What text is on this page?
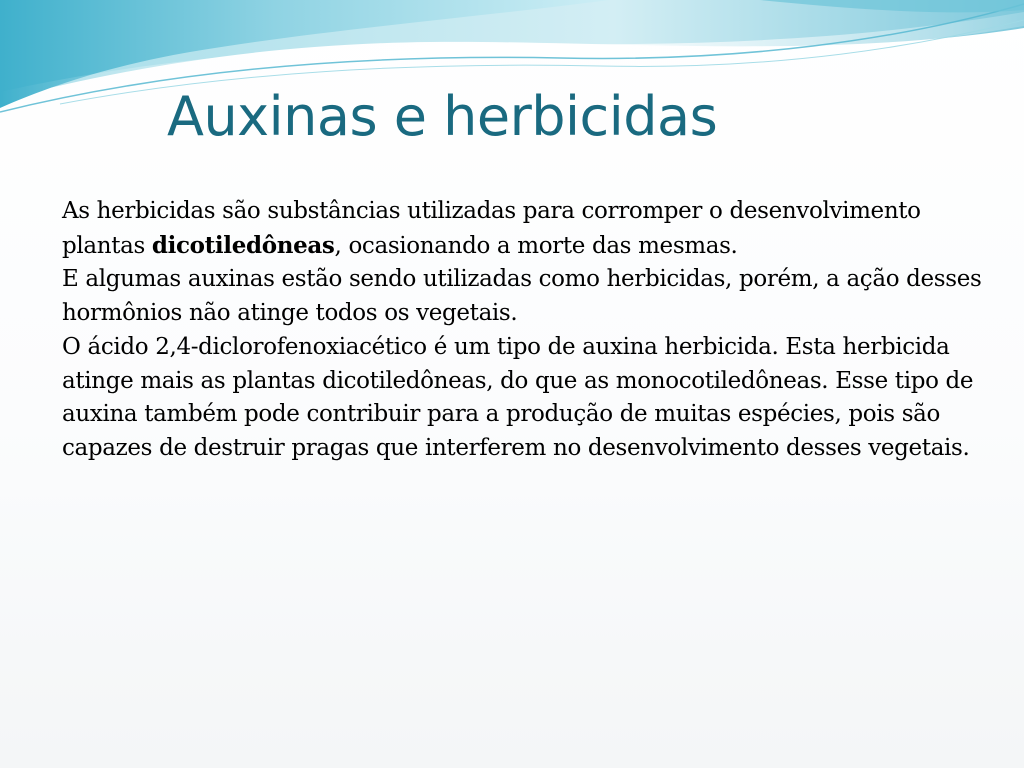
Auxinas e herbicidas

As herbicidas são substâncias utilizadas para corromper o desenvolvimento plantas dicotiledôneas, ocasionando a morte das mesmas.

E algumas auxinas estão sendo utilizadas como herbicidas, porém, a ação desses hormônios não atinge todos os vegetais.

O ácido 2,4-diclorofenoxiacético é um tipo de auxina herbicida. Esta herbicida atinge mais as plantas dicotiledôneas, do que as monocotiledôneas. Esse tipo de auxina também pode contribuir para a produção de muitas espécies, pois são capazes de destruir pragas que interferem no desenvolvimento desses vegetais.
